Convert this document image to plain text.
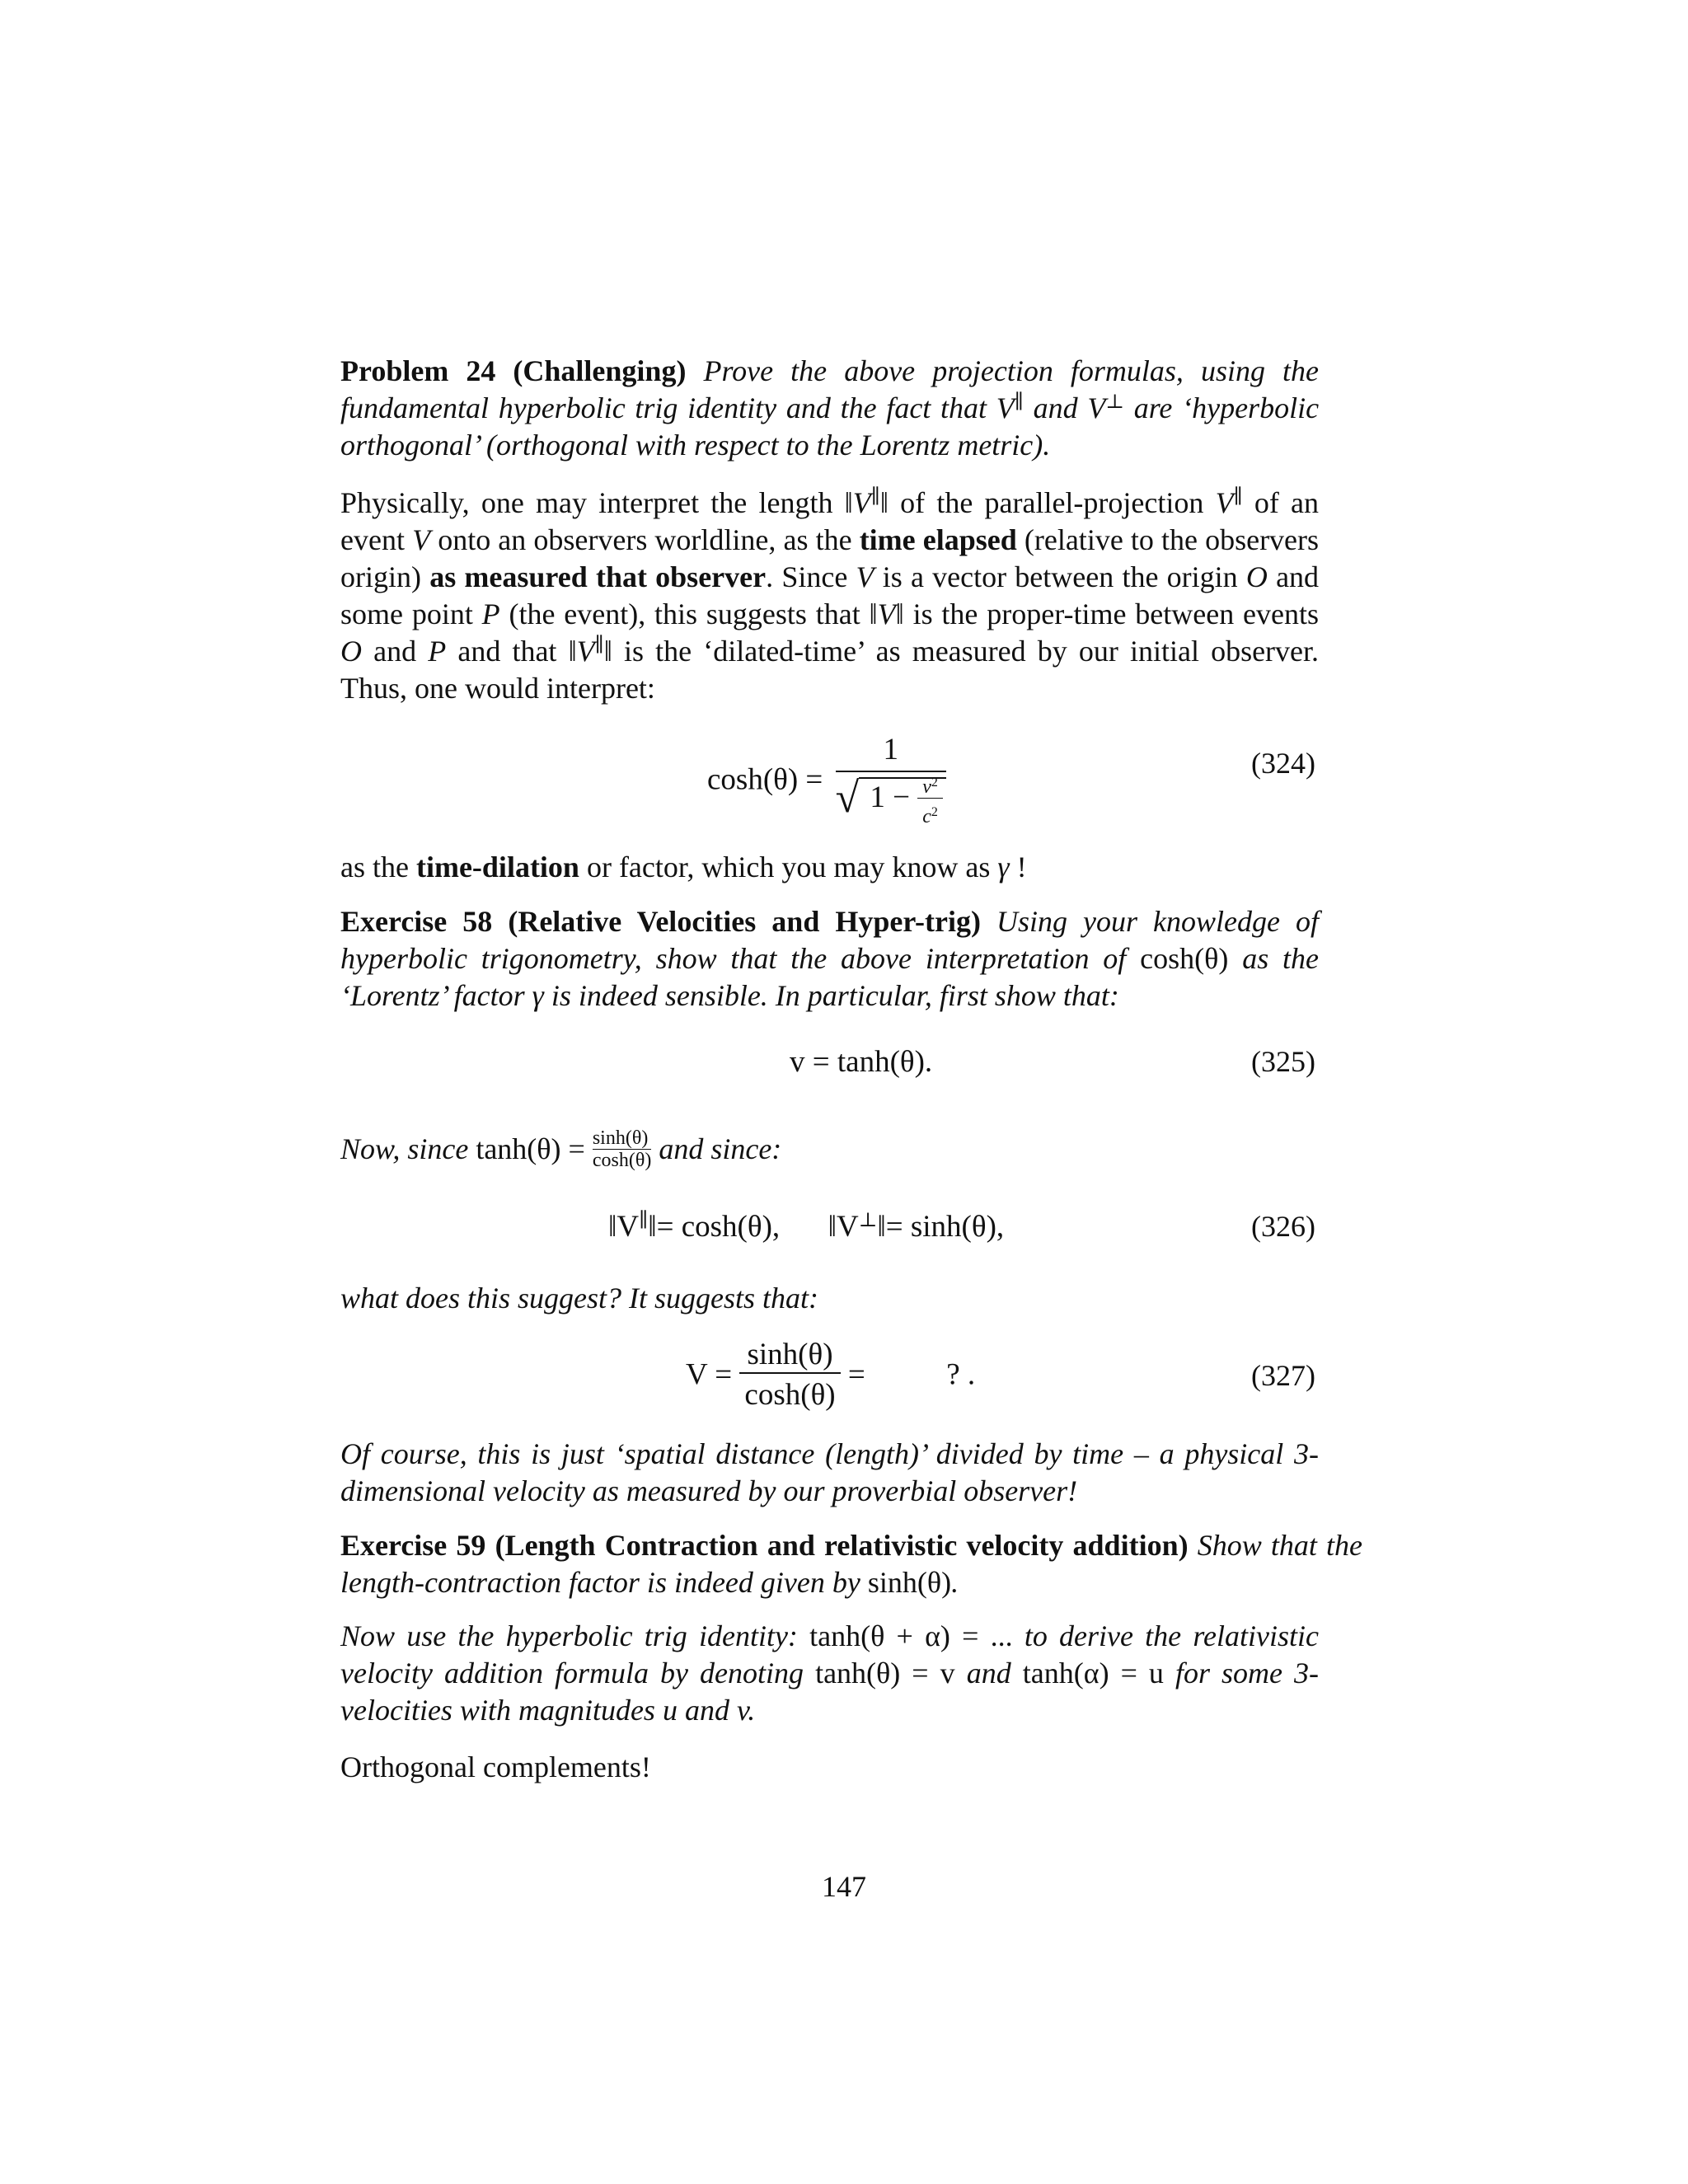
Problem 24 (Challenging) Prove the above projection formulas, using the fundamental hyperbolic trig identity and the fact that V∥ and V⊥ are ‘hyperbolic orthogonal’ (orthogonal with respect to the Lorentz metric).

Physically, one may interpret the length ‖V∥‖ of the parallel-projection V∥ of an event V onto an observers worldline, as the time elapsed (relative to the observers origin) as measured that observer. Since V is a vector between the origin O and some point P (the event), this suggests that ‖V‖ is the proper-time between events O and P and that ‖V∥‖ is the ‘dilated-time’ as measured by our initial observer. Thus, one would interpret:

cosh(θ) =
1
√ $1 - \frac{v^2}{c^2}$
(324)

as the time-dilation or factor, which you may know as γ !

Exercise 58 (Relative Velocities and Hyper-trig) Using your knowledge of hyperbolic trigonometry, show that the above interpretation of cosh(θ) as the ‘Lorentz’ factor γ is indeed sensible. In particular, first show that:

v = tanh(θ).	(325)
Now, since $\tanh(\theta) = \frac{\sinh(\theta)}{\cosh(\theta)}$ and since:
‖V∥‖= cosh(θ), ‖V⊥‖= sinh(θ),	(326)

what does this suggest? It suggests that:

$V = \frac{\sinh(\theta)}{\cosh(\theta)}$ =	? .	(327)

Of course, this is just ‘spatial distance (length)’ divided by time – a physical 3-dimensional velocity as measured by our proverbial observer!

Exercise 59 (Length Contraction and relativistic velocity addition) Show that the length-contraction factor is indeed given by sinh(θ).

Now use the hyperbolic trig identity: tanh(θ + α) = ... to derive the relativistic velocity addition formula by denoting tanh(θ) = v and tanh(α) = u for some 3-velocities with magnitudes u and v.

Orthogonal complements!

147
